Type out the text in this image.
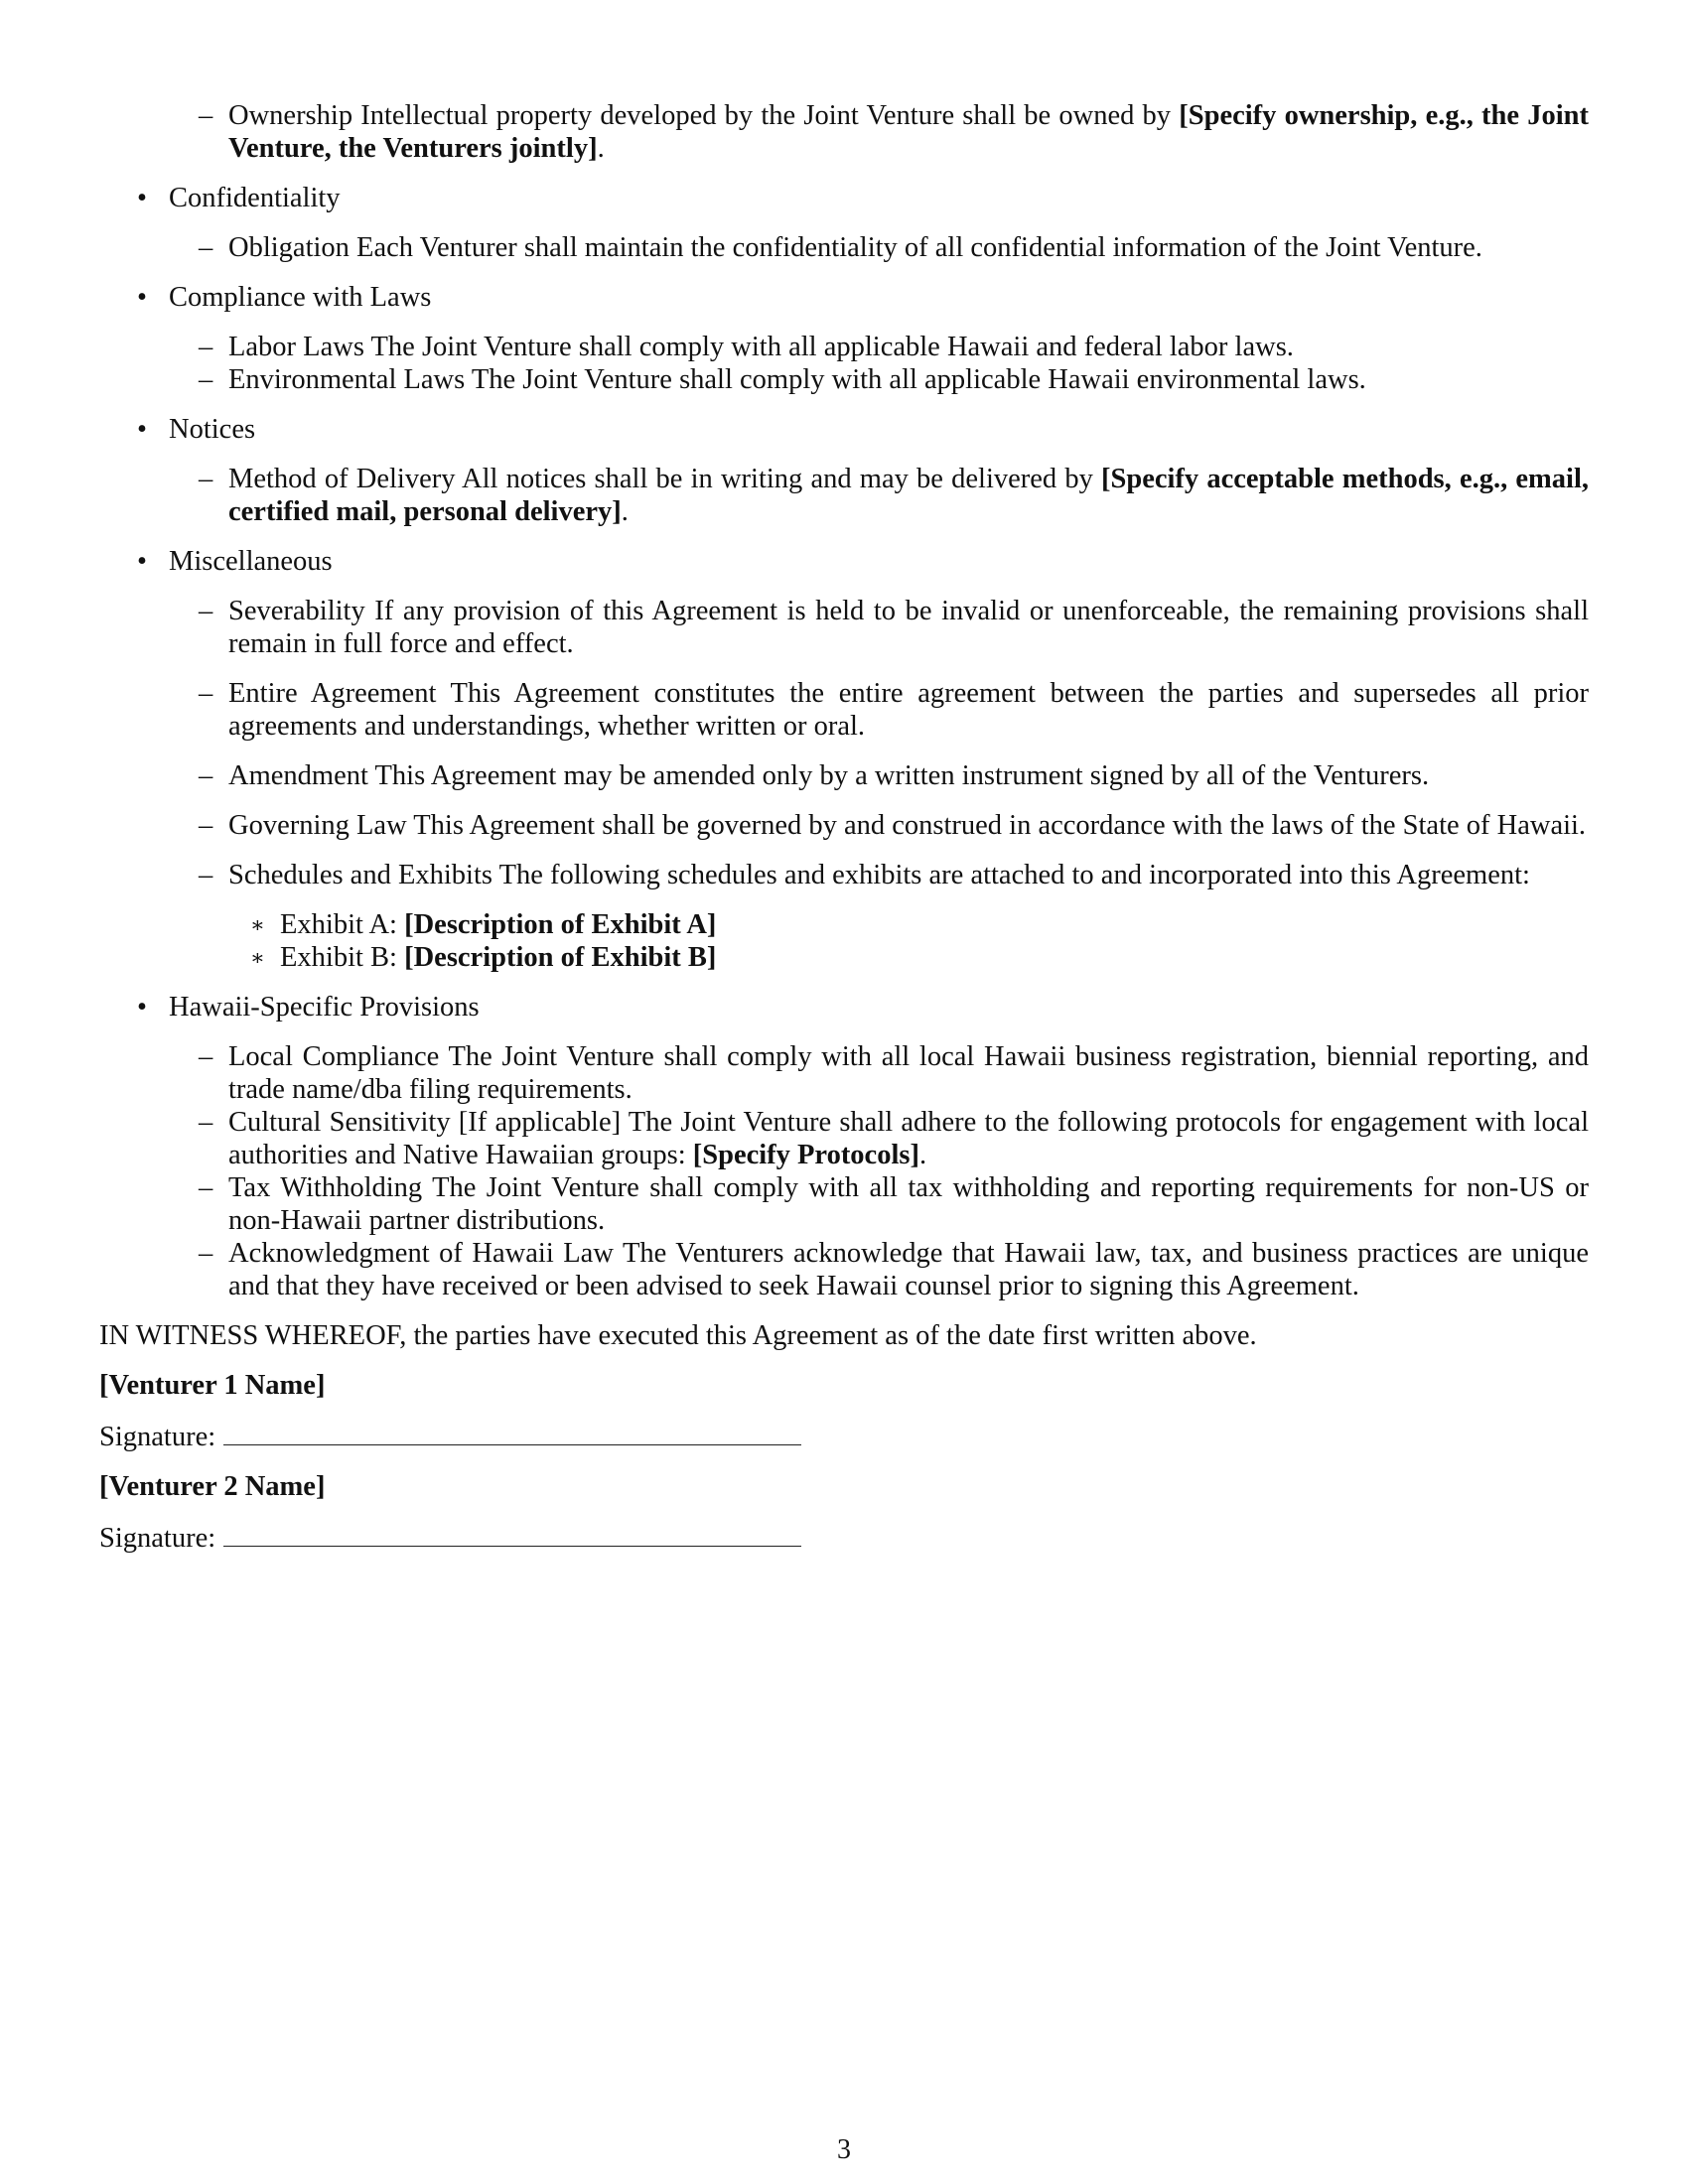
– Ownership Intellectual property developed by the Joint Venture shall be owned by [Specify ownership, e.g., the Joint Venture, the Venturers jointly].
• Confidentiality
– Obligation Each Venturer shall maintain the confidentiality of all confidential information of the Joint Venture.
• Compliance with Laws
– Labor Laws The Joint Venture shall comply with all applicable Hawaii and federal labor laws.
– Environmental Laws The Joint Venture shall comply with all applicable Hawaii environmental laws.
• Notices
– Method of Delivery All notices shall be in writing and may be delivered by [Specify acceptable methods, e.g., email, certified mail, personal delivery].
• Miscellaneous
– Severability If any provision of this Agreement is held to be invalid or unenforceable, the remaining provisions shall remain in full force and effect.
– Entire Agreement This Agreement constitutes the entire agreement between the parties and supersedes all prior agreements and understandings, whether written or oral.
– Amendment This Agreement may be amended only by a written instrument signed by all of the Venturers.
– Governing Law This Agreement shall be governed by and construed in accordance with the laws of the State of Hawaii.
– Schedules and Exhibits The following schedules and exhibits are attached to and incorporated into this Agreement:
∗ Exhibit A: [Description of Exhibit A]
∗ Exhibit B: [Description of Exhibit B]
• Hawaii-Specific Provisions
– Local Compliance The Joint Venture shall comply with all local Hawaii business registration, biennial reporting, and trade name/dba filing requirements.
– Cultural Sensitivity [If applicable] The Joint Venture shall adhere to the following protocols for engagement with local authorities and Native Hawaiian groups: [Specify Protocols].
– Tax Withholding The Joint Venture shall comply with all tax withholding and reporting requirements for non-US or non-Hawaii partner distributions.
– Acknowledgment of Hawaii Law The Venturers acknowledge that Hawaii law, tax, and business practices are unique and that they have received or been advised to seek Hawaii counsel prior to signing this Agreement.
IN WITNESS WHEREOF, the parties have executed this Agreement as of the date first written above.
[Venturer 1 Name]
Signature:
[Venturer 2 Name]
Signature:
3
